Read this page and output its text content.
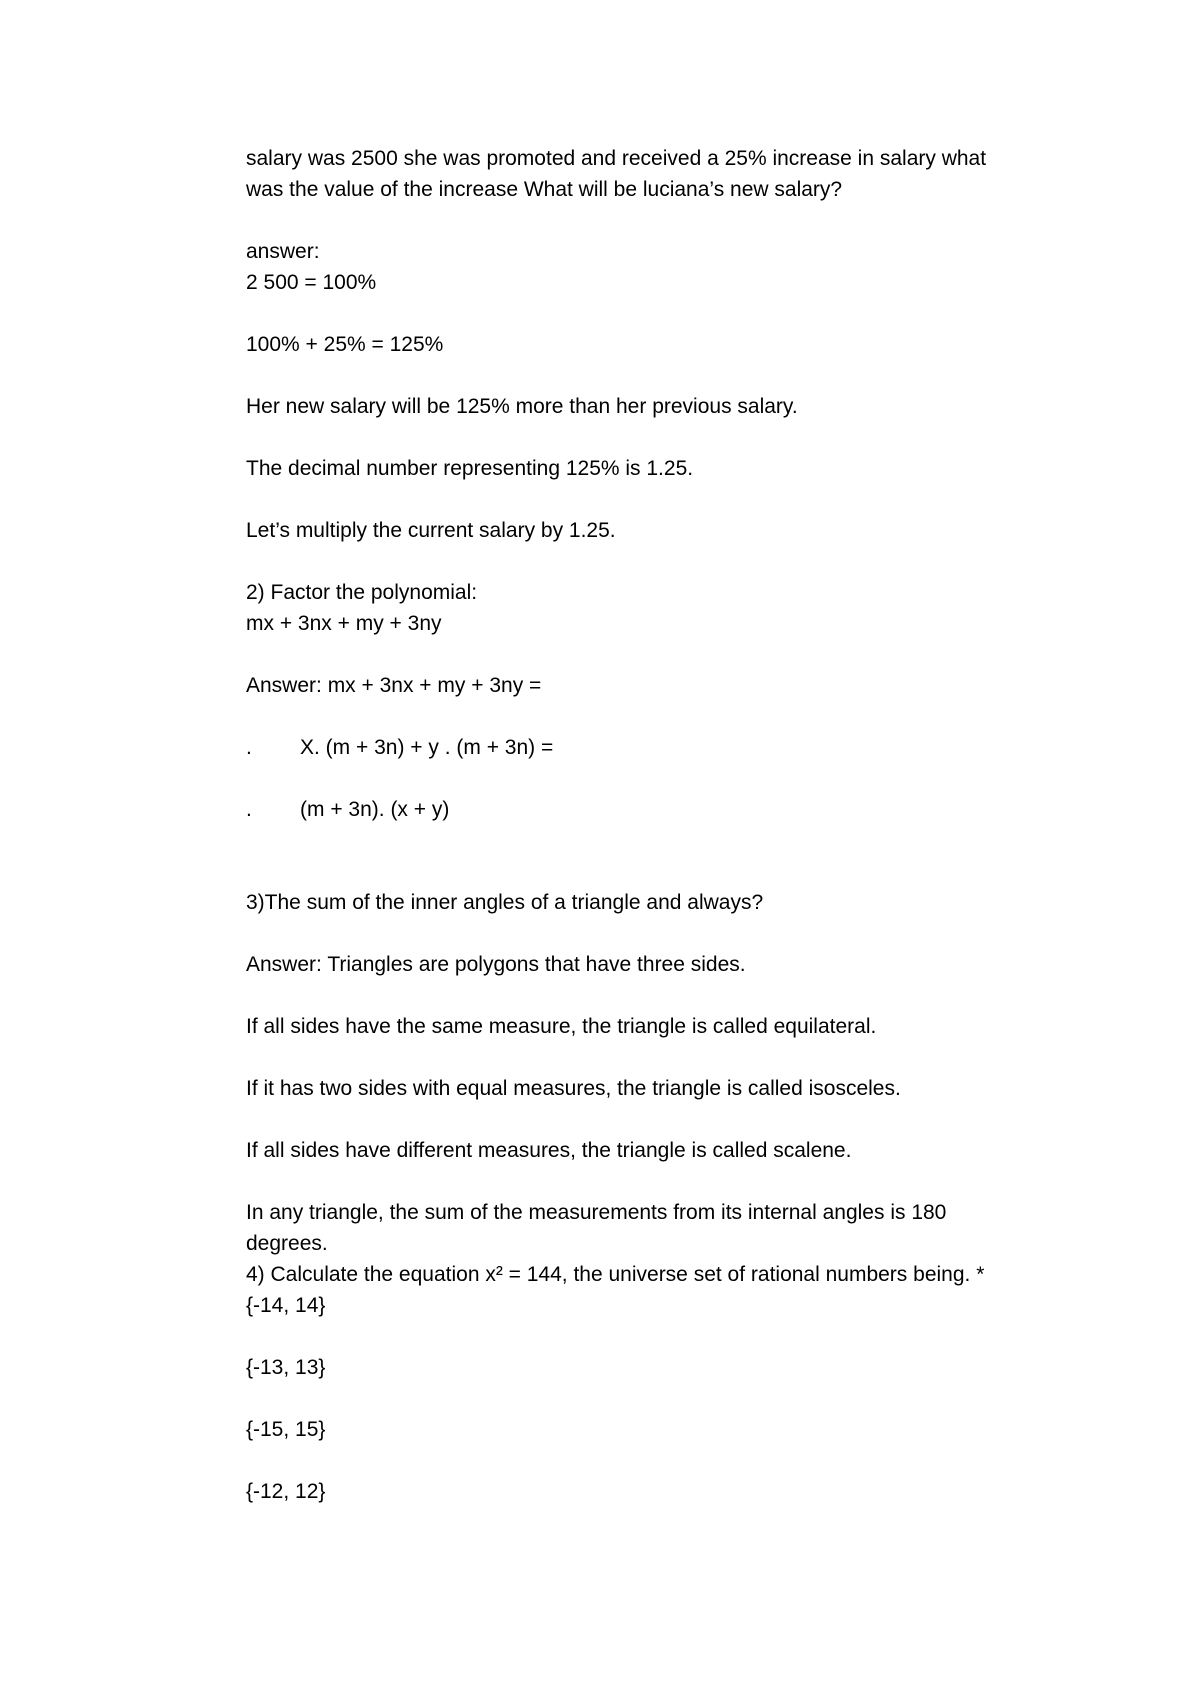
salary was 2500 she was promoted and received a 25% increase in salary what
was the value of the increase What will be luciana’s new salary?
answer:
2 500 = 100%
100% + 25% = 125%
Her new salary will be 125% more than her previous salary.
The decimal number representing 125% is 1.25.
Let’s multiply the current salary by 1.25.
2) Factor the polynomial:
mx + 3nx + my + 3ny
Answer: mx + 3nx + my + 3ny =
.	X. (m + 3n) + y . (m + 3n) =
.	(m + 3n). (x + y)
3)The sum of the inner angles of a triangle and always?
Answer: Triangles are polygons that have three sides.
If all sides have the same measure, the triangle is called equilateral.
If it has two sides with equal measures, the triangle is called isosceles.
If all sides have different measures, the triangle is called scalene.
In any triangle, the sum of the measurements from its internal angles is 180
degrees.
4) Calculate the equation x² = 144, the universe set of rational numbers being. *
{-14, 14}
{-13, 13}
{-15, 15}
{-12, 12}
